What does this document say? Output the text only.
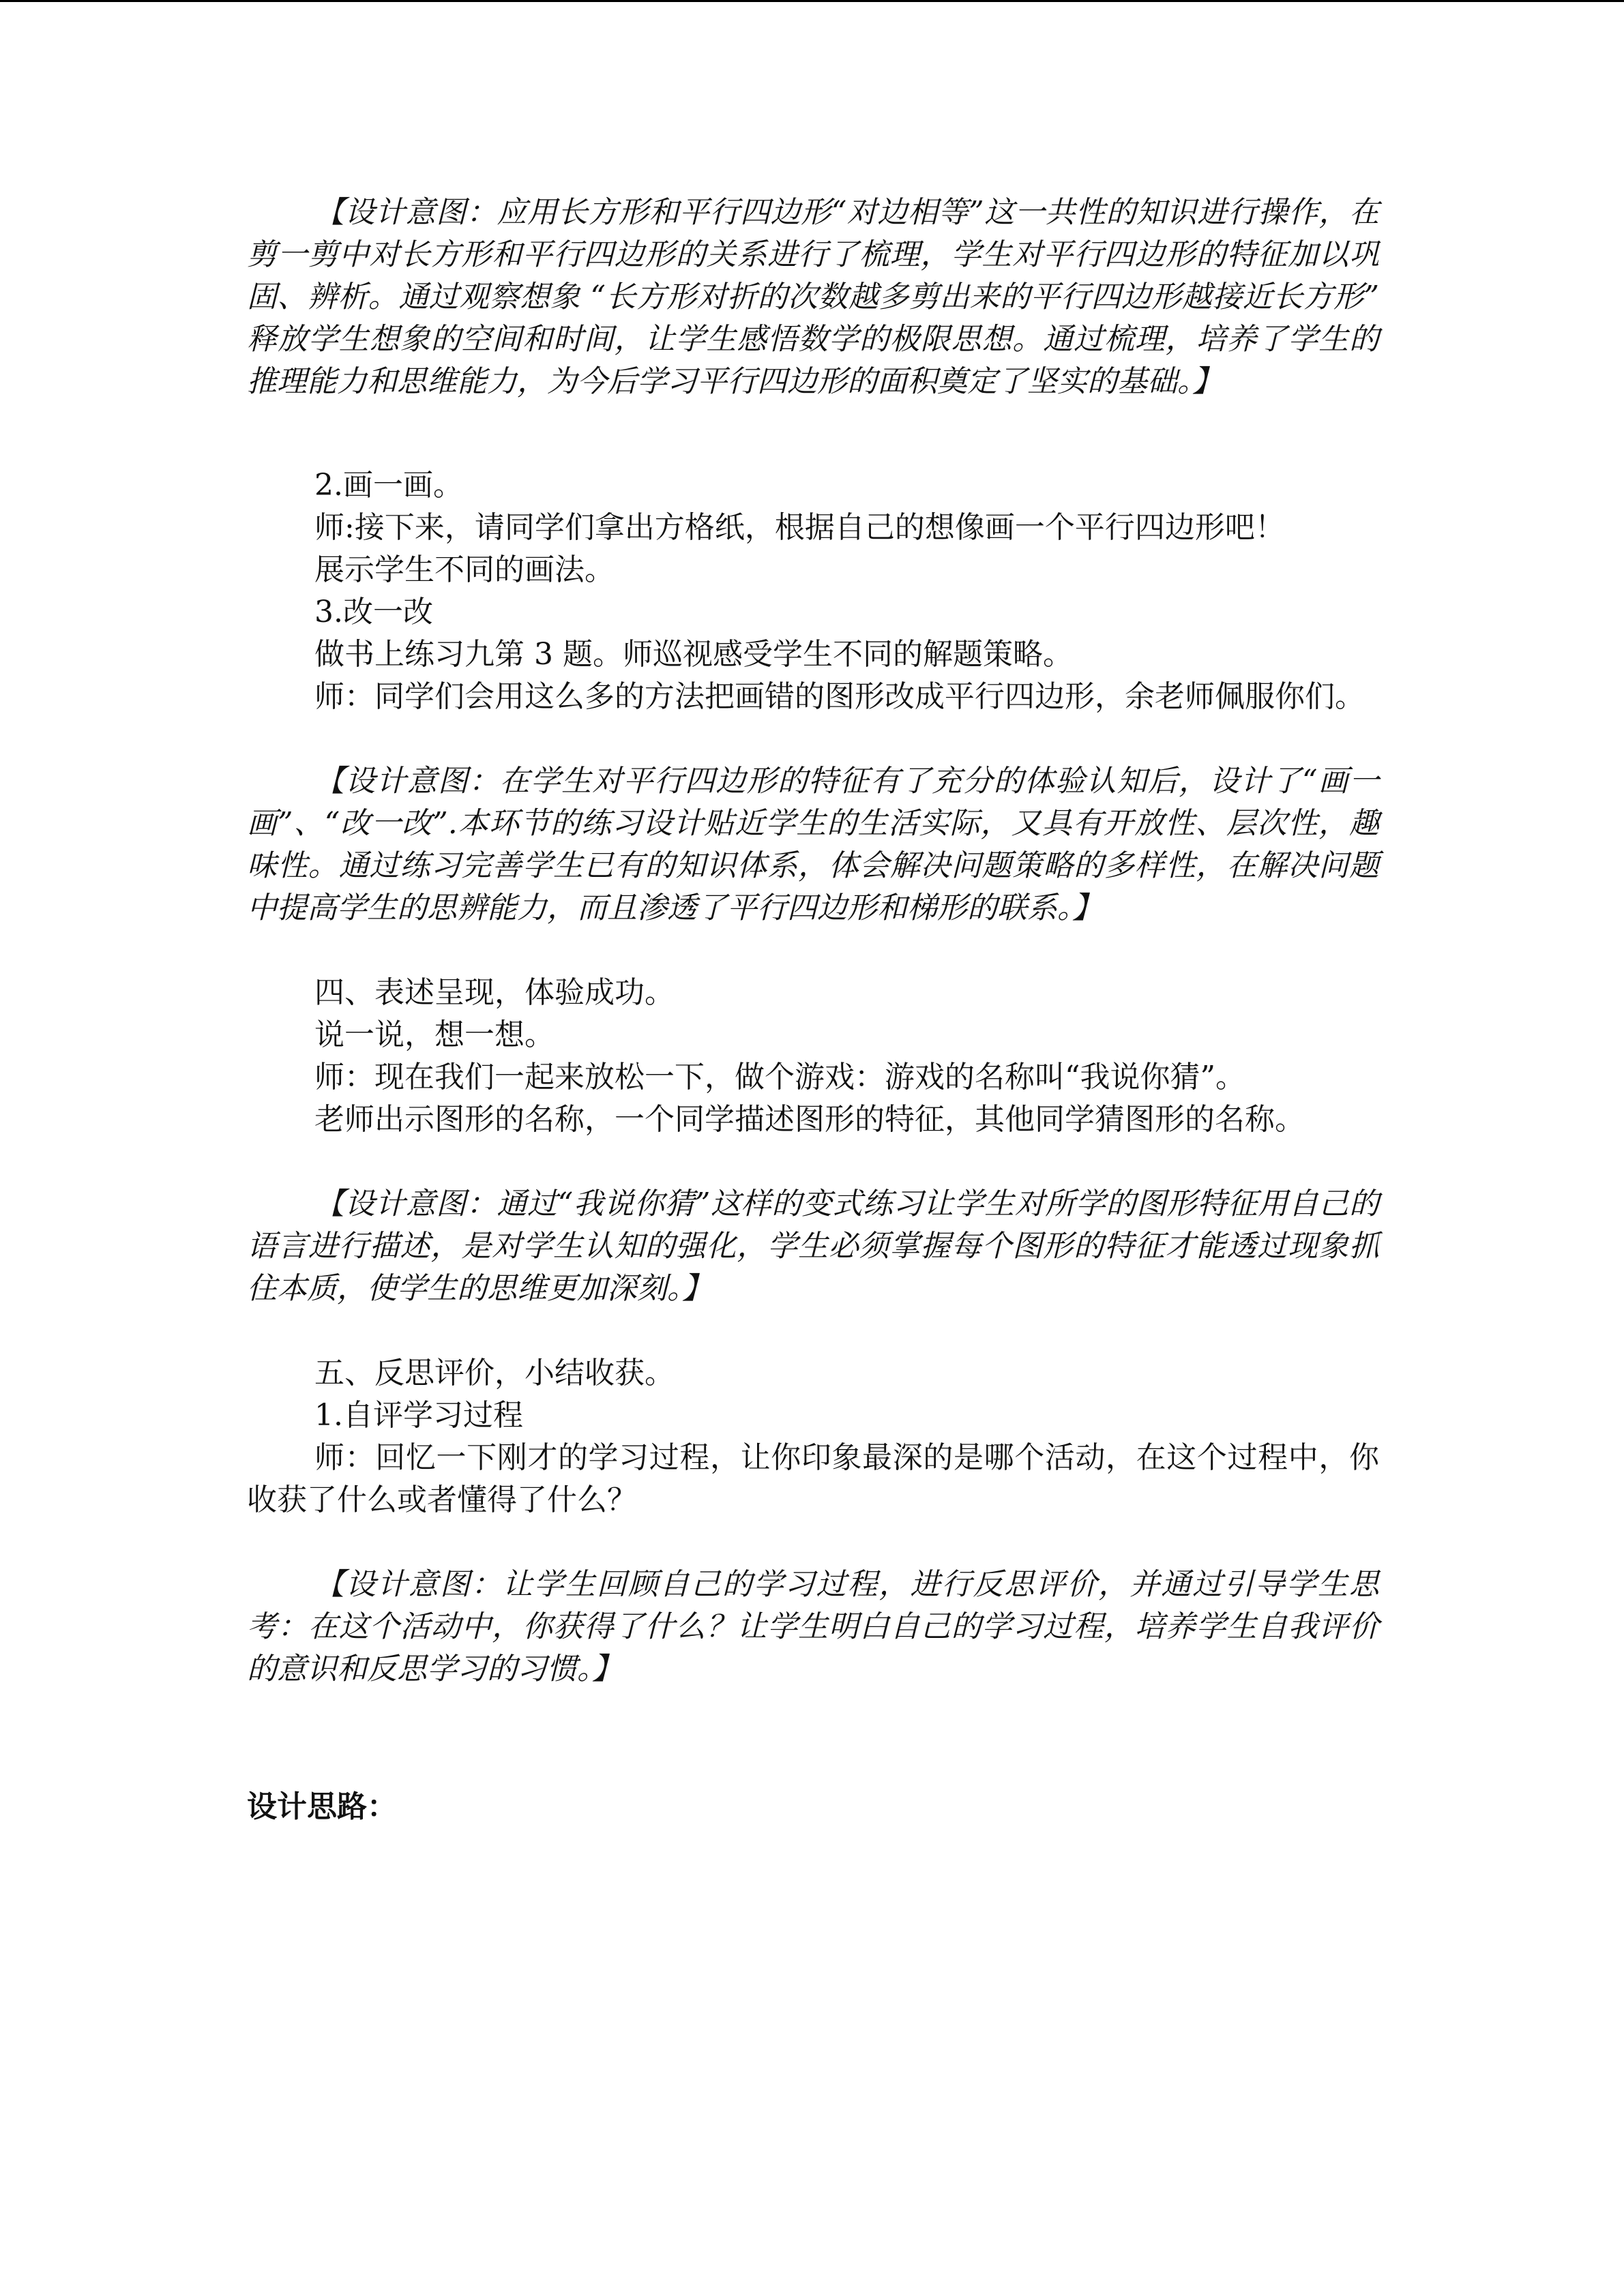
【设计意图：应用长方形和平行四边形“对边相等”这一共性的知识进行操作，在剪一剪中对长方形和平行四边形的关系进行了梳理，学生对平行四边形的特征加以巩固、辨析。通过观察想象 “长方形对折的次数越多剪出来的平行四边形越接近长方形” 释放学生想象的空间和时间，让学生感悟数学的极限思想。通过梳理，培养了学生的推理能力和思维能力，为今后学习平行四边形的面积奠定了坚实的基础。】

2.画一画。

师:接下来，请同学们拿出方格纸，根据自己的想像画一个平行四边形吧！

展示学生不同的画法。

3.改一改

做书上练习九第 3 题。师巡视感受学生不同的解题策略。

师：同学们会用这么多的方法把画错的图形改成平行四边形，余老师佩服你们。

【设计意图：在学生对平行四边形的特征有了充分的体验认知后，设计了“画一画”、“改一改”.本环节的练习设计贴近学生的生活实际，又具有开放性、层次性，趣味性。通过练习完善学生已有的知识体系，体会解决问题策略的多样性，在解决问题中提高学生的思辨能力，而且渗透了平行四边形和梯形的联系。】

四、表述呈现，体验成功。

说一说，想一想。

师：现在我们一起来放松一下，做个游戏：游戏的名称叫“我说你猜”。

老师出示图形的名称，一个同学描述图形的特征，其他同学猜图形的名称。

【设计意图：通过“我说你猜”这样的变式练习让学生对所学的图形特征用自己的语言进行描述，是对学生认知的强化，学生必须掌握每个图形的特征才能透过现象抓住本质，使学生的思维更加深刻。】

五、反思评价，小结收获。

1.自评学习过程

师：回忆一下刚才的学习过程，让你印象最深的是哪个活动，在这个过程中，你收获了什么或者懂得了什么？

【设计意图：让学生回顾自己的学习过程，进行反思评价，并通过引导学生思考：在这个活动中，你获得了什么？让学生明白自己的学习过程，培养学生自我评价的意识和反思学习的习惯。】

设计思路：
